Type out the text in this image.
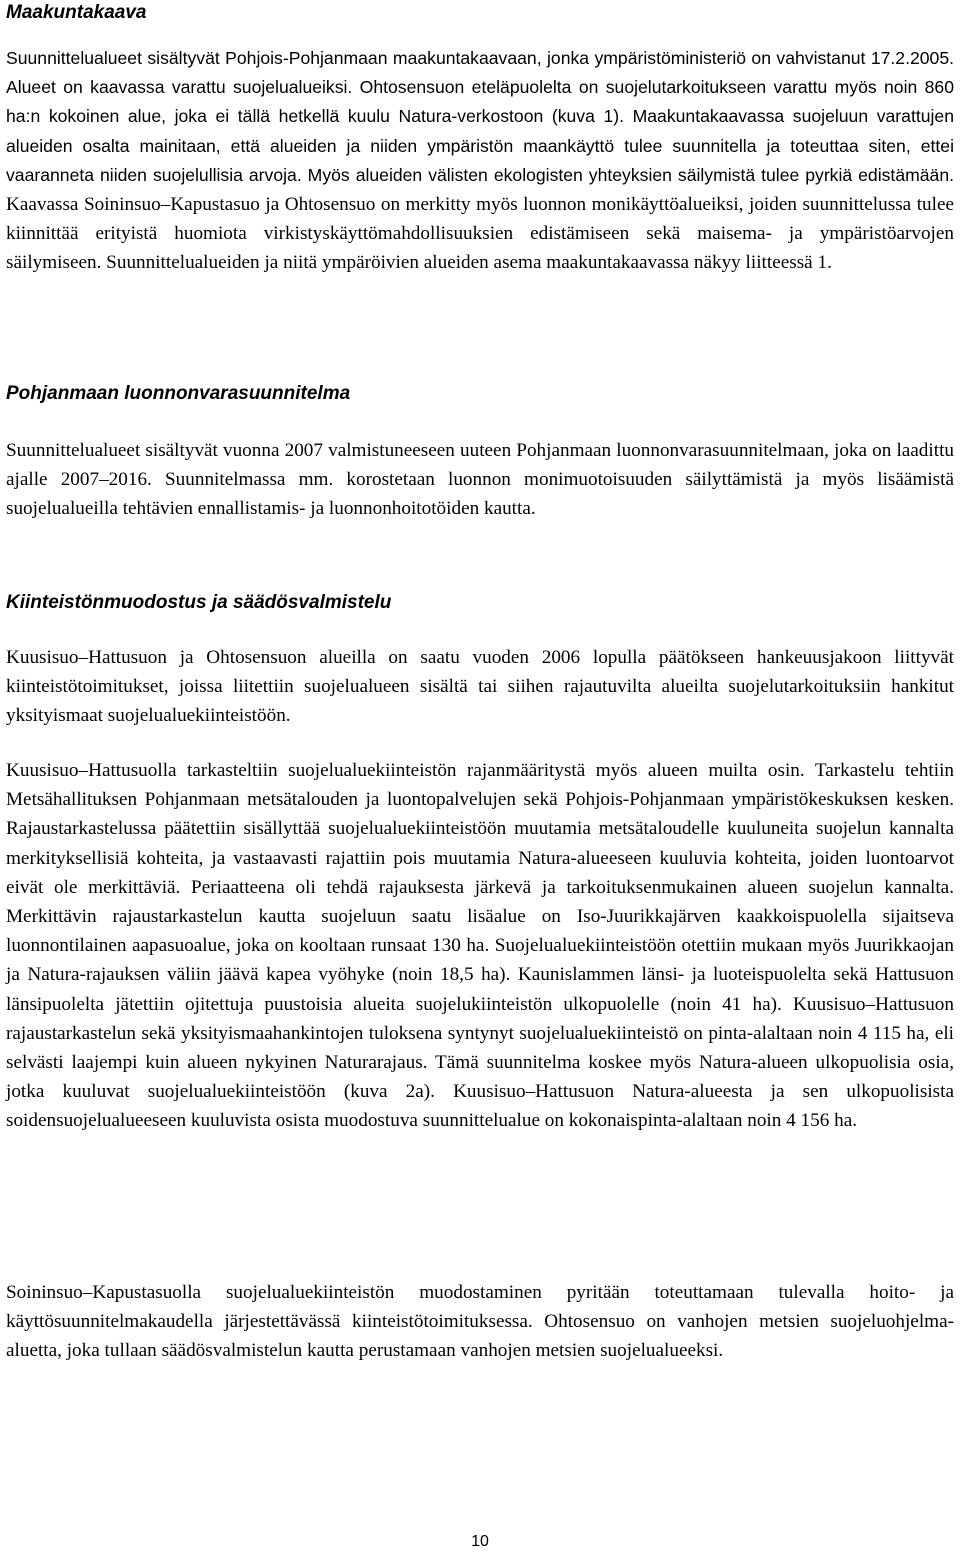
Maakuntakaava

Suunnittelualueet sisältyvät Pohjois-Pohjanmaan maakuntakaavaan, jonka ympäristöministeriö on vahvistanut 17.2.2005. Alueet on kaavassa varattu suojelualueiksi. Ohtosensuon eteläpuolelta on suojelutarkoitukseen varattu myös noin 860 ha:n kokoinen alue, joka ei tällä hetkellä kuulu Natura-verkostoon (kuva 1). Maakuntakaavassa suojeluun varattujen alueiden osalta mainitaan, että alueiden ja niiden ympäristön maankäyttö tulee suunnitella ja toteuttaa siten, ettei vaaranneta niiden suojelullisia arvoja. Myös alueiden välisten ekologisten yhteyksien säilymistä tulee pyrkiä edistämään. Kaavassa Soininsuo–Kapustasuo ja Ohtosensuo on merkitty myös luonnon monikäyttöalueiksi, joiden suunnittelussa tulee kiinnittää erityistä huomiota virkistyskäyttömahdollisuuksien edistämiseen sekä maisema- ja ympäristöarvojen säilymiseen. Suunnittelualueiden ja niitä ympäröivien alueiden asema maakuntakaavassa näkyy liitteessä 1.

Pohjanmaan luonnonvarasuunnitelma

Suunnittelualueet sisältyvät vuonna 2007 valmistuneeseen uuteen Pohjanmaan luonnonvarasuunnitelmaan, joka on laadittu ajalle 2007–2016. Suunnitelmassa mm. korostetaan luonnon monimuotoisuuden säilyttämistä ja myös lisäämistä suojelualueilla tehtävien ennallistamis- ja luonnonhoitotöiden kautta.

Kiinteistönmuodostus ja säädösvalmistelu

Kuusisuo–Hattusuon ja Ohtosensuon alueilla on saatu vuoden 2006 lopulla päätökseen hankeuusjakoon liittyvät kiinteistötoimitukset, joissa liitettiin suojelualueen sisältä tai siihen rajautuvilta alueilta suojelutarkoituksiin hankitut yksityismaat suojelualuekiinteistöön.

Kuusisuo–Hattusuolla tarkasteltiin suojelualuekiinteistön rajanmääritystä myös alueen muilta osin. Tarkastelu tehtiin Metsähallituksen Pohjanmaan metsätalouden ja luontopalvelujen sekä Pohjois-Pohjanmaan ympäristökeskuksen kesken. Rajaustarkastelussa päätettiin sisällyttää suojelualuekiinteistöön muutamia metsätaloudelle kuuluneita suojelun kannalta merkityksellisiä kohteita, ja vastaavasti rajattiin pois muutamia Natura-alueeseen kuuluvia kohteita, joiden luontoarvot eivät ole merkittäviä. Periaatteena oli tehdä rajauksesta järkevä ja tarkoituksenmukainen alueen suojelun kannalta. Merkittävin rajaustarkastelun kautta suojeluun saatu lisäalue on Iso-Juurikkajärven kaakkoispuolella sijaitseva luonnontilainen aapasuoalue, joka on kooltaan runsaat 130 ha. Suojelualuekiinteistöön otettiin mukaan myös Juurikkaojan ja Natura-rajauksen väliin jäävä kapea vyöhyke (noin 18,5 ha). Kaunislammen länsi- ja luoteispuolelta sekä Hattusuon länsipuolelta jätettiin ojitettuja puustoisia alueita suojelukiinteistön ulkopuolelle (noin 41 ha). Kuusisuo–Hattusuon rajaustarkastelun sekä yksityismaahankintojen tuloksena syntynyt suojelualuekiinteistö on pinta-alaltaan noin 4 115 ha, eli selvästi laajempi kuin alueen nykyinen Naturarajaus. Tämä suunnitelma koskee myös Natura-alueen ulkopuolisia osia, jotka kuuluvat suojelualuekiinteistöön (kuva 2a). Kuusisuo–Hattusuon Natura-alueesta ja sen ulkopuolisista soidensuojelualueeseen kuuluvista osista muodostuva suunnittelualue on kokonaispinta-alaltaan noin 4 156 ha.

Soininsuo–Kapustasuolla suojelualuekiinteistön muodostaminen pyritään toteuttamaan tulevalla hoito- ja käyttösuunnitelmakaudella järjestettävässä kiinteistötoimituksessa. Ohtosensuo on vanhojen metsien suojeluohjelma-aluetta, joka tullaan säädösvalmistelun kautta perustamaan vanhojen metsien suojelualueeksi.

10
